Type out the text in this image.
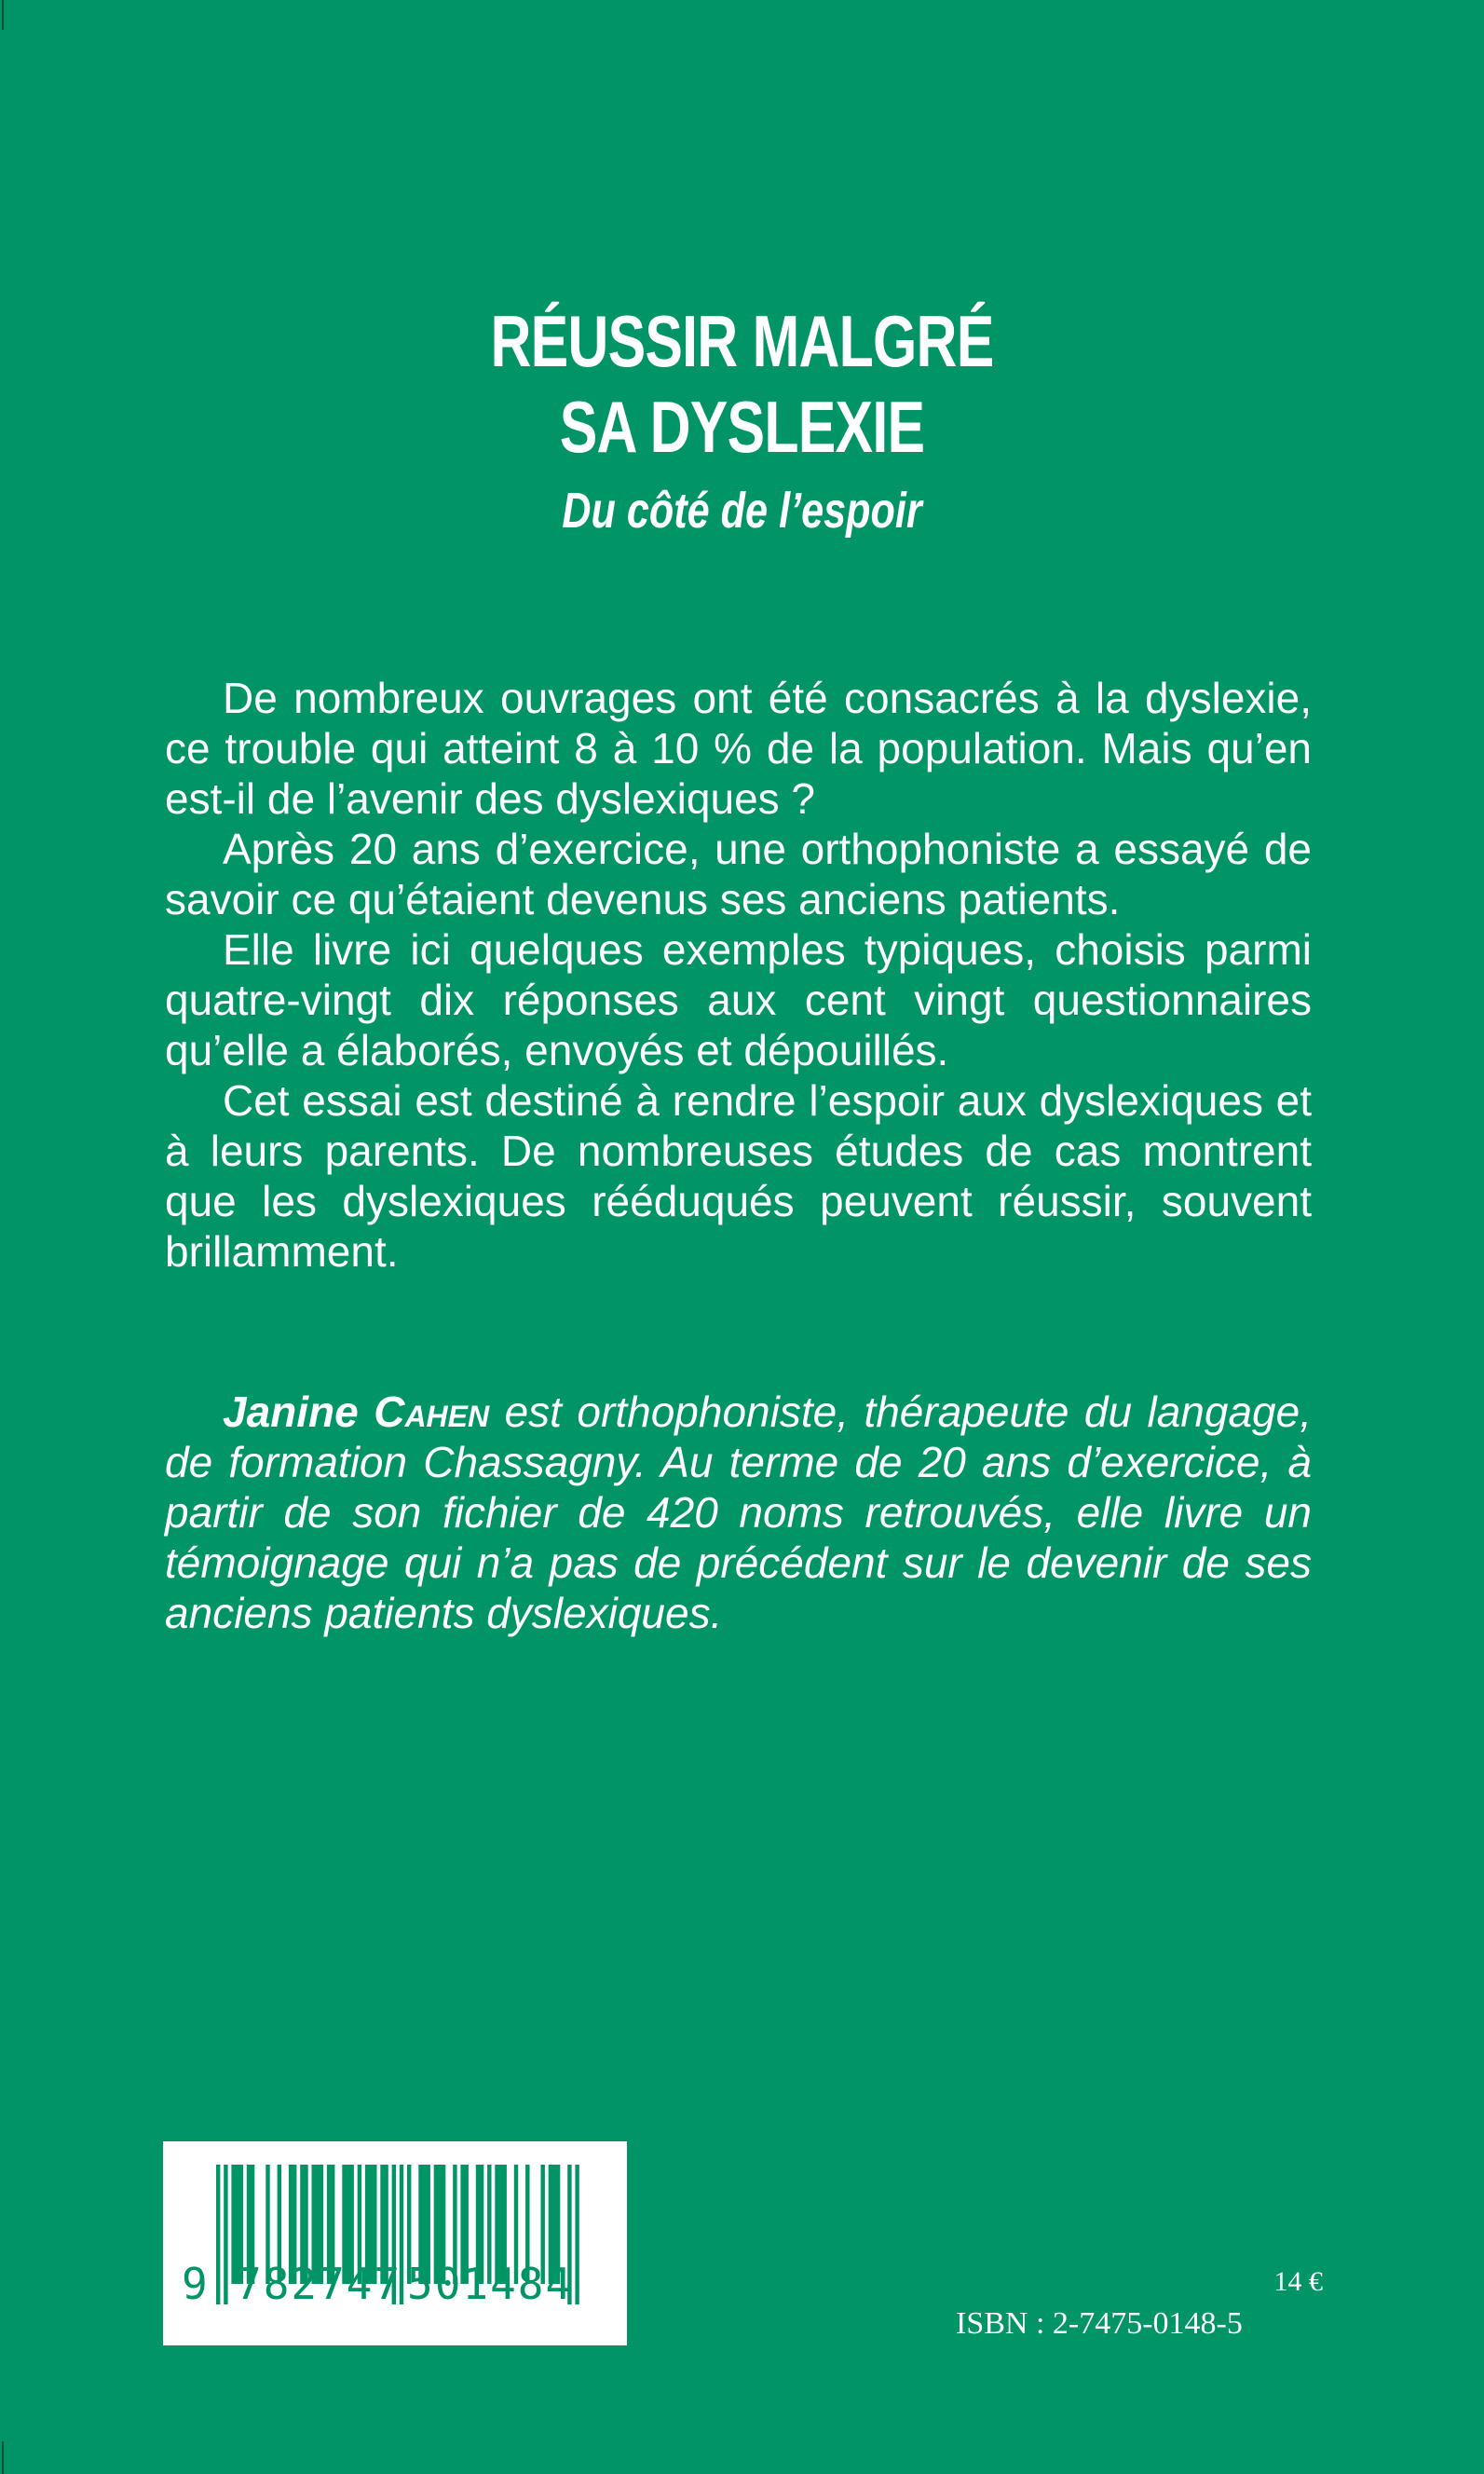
RÉUSSIR MALGRÉ

SA DYSLEXIE

Du côté de l’espoir

De nombreux ouvrages ont été consacrés à la dyslexie, ce trouble qui atteint 8 à 10 % de la population. Mais qu’en est-il de l’avenir des dyslexiques ?

Après 20 ans d’exercice, une orthophoniste a essayé de savoir ce qu’étaient devenus ses anciens patients.

Elle livre ici quelques exemples typiques, choisis parmi quatre-vingt dix réponses aux cent vingt questionnaires qu’elle a élaborés, envoyés et dépouillés.

Cet essai est destiné à rendre l’espoir aux dyslexiques et à leurs parents. De nombreuses études de cas montrent que les dyslexiques rééduqués peuvent réussir, souvent brillamment.

Janine Cahen est orthophoniste, thérapeute du langage, de formation Chassagny. Au terme de 20 ans d’exercice, à partir de son fichier de 420 noms retrouvés, elle livre un témoignage qui n’a pas de précédent sur le devenir de ses anciens patients dyslexiques.

9 782747 501484	14 €
ISBN : 2-7475-0148-5
